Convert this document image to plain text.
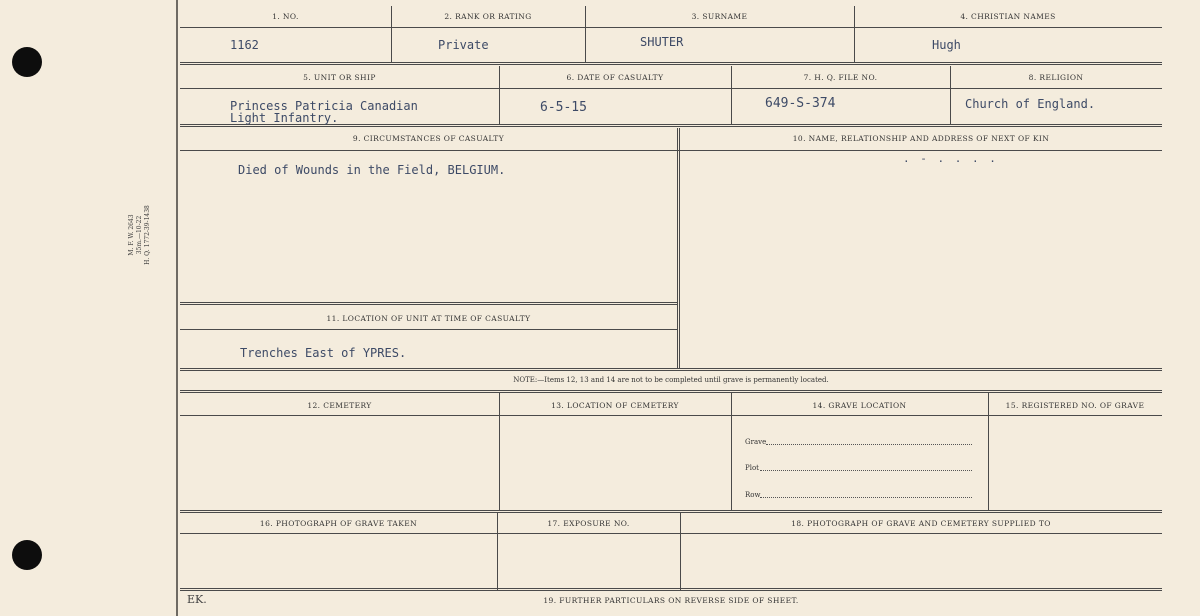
M. F. W. 2643 35m.—10-22 H. Q. 1772-39-1438
1. NO.	2. RANK OR RATING	3. SURNAME	4. CHRISTIAN NAMES
1162	Private	SHUTER	Hugh
5. UNIT OR SHIP	6. DATE OF CASUALTY	7. H. Q. FILE NO.	8. RELIGION
Princess Patricia Canadian
Light Infantry.
6-5-15	649-S-374	Church of England.
9. CIRCUMSTANCES OF CASUALTY	10. NAME, RELATIONSHIP AND ADDRESS OF NEXT OF KIN
Died of Wounds in the Field, BELGIUM.
. - . . . .
11. LOCATION OF UNIT AT TIME OF CASUALTY
Trenches East of YPRES.
NOTE:—Items 12, 13 and 14 are not to be completed until grave is permanently located.
12. CEMETERY	13. LOCATION OF CEMETERY	14. GRAVE LOCATION	15. REGISTERED NO. OF GRAVE
Grave
Plot
Row
16. PHOTOGRAPH OF GRAVE TAKEN	17. EXPOSURE NO.	18. PHOTOGRAPH OF GRAVE AND CEMETERY SUPPLIED TO
19. FURTHER PARTICULARS ON REVERSE SIDE OF SHEET.
EK.
